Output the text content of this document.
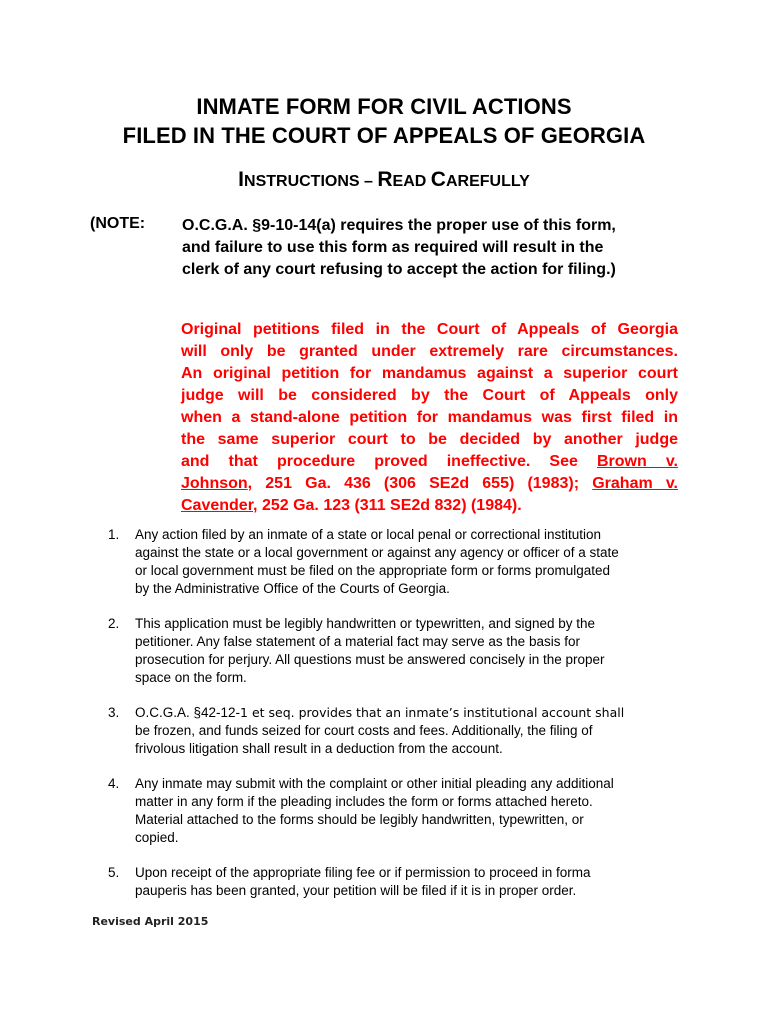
INMATE FORM FOR CIVIL ACTIONS
FILED IN THE COURT OF APPEALS OF GEORGIA
INSTRUCTIONS – READ CAREFULLY
(NOTE: O.C.G.A. §9-10-14(a) requires the proper use of this form,
and failure to use this form as required will result in the
clerk of any court refusing to accept the action for filing.)
Original petitions filed in the Court of Appeals of Georgia
will only be granted under extremely rare circumstances.
An original petition for mandamus against a superior court
judge will be considered by the Court of Appeals only
when a stand-alone petition for mandamus was first filed in
the same superior court to be decided by another judge
and that procedure proved ineffective. See Brown v.
Johnson, 251 Ga. 436 (306 SE2d 655) (1983); Graham v.
Cavender, 252 Ga. 123 (311 SE2d 832) (1984).
1. Any action filed by an inmate of a state or local penal or correctional institution
against the state or a local government or against any agency or officer of a state
or local government must be filed on the appropriate form or forms promulgated
by the Administrative Office of the Courts of Georgia.
2. This application must be legibly handwritten or typewritten, and signed by the
petitioner. Any false statement of a material fact may serve as the basis for
prosecution for perjury. All questions must be answered concisely in the proper
space on the form.
3. O.C.G.A. §42-12-1 et seq. provides that an inmate’s institutional account shall
be frozen, and funds seized for court costs and fees. Additionally, the filing of
frivolous litigation shall result in a deduction from the account.
4. Any inmate may submit with the complaint or other initial pleading any additional
matter in any form if the pleading includes the form or forms attached hereto.
Material attached to the forms should be legibly handwritten, typewritten, or
copied.
5. Upon receipt of the appropriate filing fee or if permission to proceed in forma
pauperis has been granted, your petition will be filed if it is in proper order.
Revised April 2015
